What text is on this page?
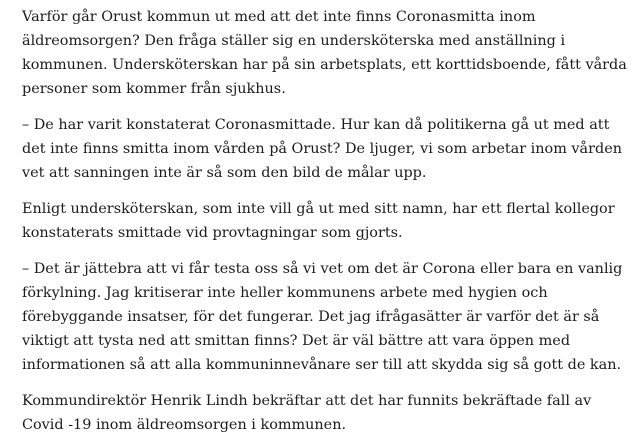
Varför går Orust kommun ut med att det inte finns Coronasmitta inom
äldreomsorgen? Den fråga ställer sig en undersköterska med anställning i
kommunen. Undersköterskan har på sin arbetsplats, ett korttidsboende, fått vårda
personer som kommer från sjukhus.

– De har varit konstaterat Coronasmittade. Hur kan då politikerna gå ut med att
det inte finns smitta inom vården på Orust? De ljuger, vi som arbetar inom vården
vet att sanningen inte är så som den bild de målar upp.

Enligt undersköterskan, som inte vill gå ut med sitt namn, har ett flertal kollegor
konstaterats smittade vid provtagningar som gjorts.

– Det är jättebra att vi får testa oss så vi vet om det är Corona eller bara en vanlig
förkylning. Jag kritiserar inte heller kommunens arbete med hygien och
förebyggande insatser, för det fungerar. Det jag ifrågasätter är varför det är så
viktigt att tysta ned att smittan finns? Det är väl bättre att vara öppen med
informationen så att alla kommuninnevånare ser till att skydda sig så gott de kan.

Kommundirektör Henrik Lindh bekräftar att det har funnits bekräftade fall av
Covid -19 inom äldreomsorgen i kommunen.
